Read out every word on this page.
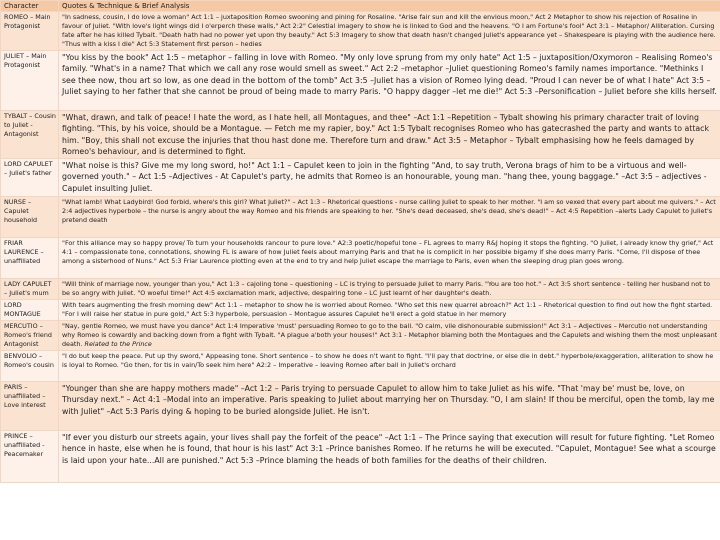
Character	Quotes & Technique & Brief Analysis
ROMEO – Main Protagonist	"In sadness, cousin, I do love a woman" Act 1:1 – juxtaposition Romeo swooning and pining for Rosaline. "Arise fair sun and kill the envious moon," Act 2 Metaphor to show his rejection of Rosaline in favour of Juliet. "With love's light wings did I o'erperch these walls," Act 2:2" Celestial imagery to show he is linked to God and the heavens. "O I am Fortune's fool" Act 3:1 – Metaphor/ Alliteration. Cursing fate after he has killed Tybalt. "Death hath had no power yet upon thy beauty." Act 5:3 Imagery to show that death hasn't changed Juliet's appearance yet – Shakespeare is playing with the audience here. "Thus with a kiss I die" Act 5:3 Statement first person – hedies
JULIET – Main Protagonist	"You kiss by the book" Act 1:5 – metaphor – falling in love with Romeo. "My only love sprung from my only hate" Act 1:5 – juxtaposition/Oxymoron – Realising Romeo's family. "What's in a name? That which we call any rose would smell as sweet." Act 2:2 –metaphor –Juliet questioning Romeo's family names importance. "Methinks I see thee now, thou art so low, as one dead in the bottom of the tomb" Act 3:5 –Juliet has a vision of Romeo lying dead. "Proud I can never be of what I hate" Act 3:5 – Juliet saying to her father that she cannot be proud of being made to marry Paris. "O happy dagger –let me die!" Act 5:3 –Personification – Juliet before she kills herself.
TYBALT – Cousin to Juliet - Antagonist	"What, drawn, and talk of peace! I hate the word, as I hate hell, all Montagues, and thee" –Act 1:1 –Repetition – Tybalt showing his primary character trait of loving fighting. "This, by his voice, should be a Montague. — Fetch me my rapier, boy." Act 1:5 Tybalt recognises Romeo who has gatecrashed the party and wants to attack him. "Boy, this shall not excuse the injuries that thou hast done me. Therefore turn and draw." Act 3:5 – Metaphor – Tybalt emphasising how he feels damaged by Romeo's behaviour, and is determined to fight.
LORD CAPULET – Juliet's father	"What noise is this? Give me my long sword, ho!" Act 1:1 – Capulet keen to join in the fighting "And, to say truth, Verona brags of him to be a virtuous and well-governed youth." – Act 1:5 –Adjectives - At Capulet's party, he admits that Romeo is an honourable, young man. "hang thee, young baggage." –Act 3:5 – adjectives - Capulet insulting Juliet.
NURSE – Capulet household	"What lamb! What Ladybird! God forbid, where's this girl? What Juliet?" – Act 1:3 – Rhetorical questions - nurse calling Juliet to speak to her mother. "I am so vexed that every part about me quivers." – Act 2:4 adjectives hyperbole – the nurse is angry about the way Romeo and his friends are speaking to her. "She's dead deceased, she's dead, she's dead!" – Act 4:5 Repetition –alerts Lady Capulet to Juliet's pretend death
FRIAR LAURENCE – unaffiliated	"For this alliance may so happy prove/ To turn your households rancour to pure love." A2:3 poetic/hopeful tone – FL agrees to marry R&J hoping it stops the fighting. "O Juliet, I already know thy grief," Act 4:1 – compassionate tone, connotations, showing FL is aware of how Juliet feels about marrying Paris and that he is complicit in her possible bigamy if she does marry Paris. "Come, I'll dispose of thee among a sisterhood of Nuns." Act 5:3 Friar Laurence plotting even at the end to try and help Juliet escape the marriage to Paris, even when the sleeping drug plan goes wrong.
LADY CAPULET – Juliet's mum	"Will think of marriage now, younger than you," Act 1:3 – cajoling tone – questioning – LC is trying to persuade Juliet to marry Paris. "You are too hot." – Act 3:5 short sentence - telling her husband not to be so angry with Juliet. "O woeful time!" Act 4:5 exclamation mark, adjective, despairing tone – LC just learnt of her daughter's death.
LORD MONTAGUE	With tears augmenting the fresh morning dew" Act 1:1 – metaphor to show he is worried about Romeo. "Who set this new quarrel abroach?" Act 1:1 – Rhetorical question to find out how the fight started. "For I will raise her statue in pure gold," Act 5:3 hyperbole, persuasion – Montague assures Capulet he'll erect a gold statue in her memory
MERCUTIO – Romeo's friend Antagonist	"Nay, gentle Romeo, we must have you dance" Act 1:4 Imperative 'must' persuading Romeo to go to the ball. "O calm, vile dishonourable submission!" Act 3:1 – Adjectives – Mercutio not understanding why Romeo is cowardly and backing down from a fight with Tybalt. "A plague a'both your houses!" Act 3:1 - Metaphor blaming both the Montagues and the Capulets and wishing them the most unpleasant death. Related to the Prince
BENVOLIO – Romeo's cousin	"I do but keep the peace. Put up thy sword," Appeasing tone. Short sentence – to show he does n't want to fight. "I'll pay that doctrine, or else die in debt." hyperbole/exaggeration, alliteration to show he is loyal to Romeo. "Go then, for tis in vain/To seek him here" A2:2 – Imperative – leaving Romeo after ball in Juliet's orchard
PARIS – unaffiliated – Love interest	"Younger than she are happy mothers made" –Act 1:2 – Paris trying to persuade Capulet to allow him to take Juliet as his wife. "That 'may be' must be, love, on Thursday next." – Act 4:1 –Modal into an imperative. Paris speaking to Juliet about marrying her on Thursday. "O, I am slain! If thou be merciful, open the tomb, lay me with Juliet" –Act 5:3 Paris dying & hoping to be buried alongside Juliet. He isn't.
PRINCE – unaffiliated - Peacemaker	"If ever you disturb our streets again, your lives shall pay the forfeit of the peace" –Act 1:1 – The Prince saying that execution will result for future fighting. "Let Romeo hence in haste, else when he is found, that hour is his last" Act 3:1 –Prince banishes Romeo. If he returns he will be executed. "Capulet, Montague! See what a scourge is laid upon your hate...All are punished." Act 5:3 –Prince blaming the heads of both families for the deaths of their children.
